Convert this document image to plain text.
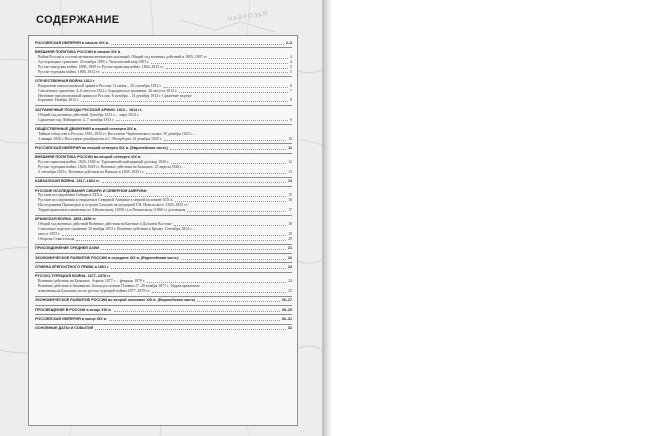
НАВРОЗЬЯ
СОДЕРЖАНИЕ
РОССИЙСКАЯ ИМПЕРИЯ в начале XIX в.	2–3
ВНЕШНЯЯ ПОЛИТИКА РОССИИ в начале XIX в.
Война России в составе антинаполеоновских коалиций. Общий ход военных действий в 1805–1807 гг.	4
Аустерлицкое сражение. 20 ноября 1805 г. Тильзитский мир 1807 г.	4
Русско-шведская война. 1808–1809 гг. Русско-иранская война. 1804–1813 гг.	5
Русско-турецкая война. 1806–1812 гг.	5
ОТЕЧЕСТВЕННАЯ ВОЙНА 1812 г.
Вторжение наполеоновской армии в Россию 12 июня – 20 сентября 1812 г.	6
Смоленское сражение. 4–6 августа 1812 г. Бородинское сражение. 26 августа 1812 г.	7
Изгнание наполеоновской армии из России. 6 октября – 14 декабря 1812 г. Сражение на реке
Березине. Ноябрь 1812 г.	8
ЗАГРАНИЧНЫЕ ПОХОДЫ РУССКОЙ АРМИИ. 1813 – 1814 гг.
Общий ход военных действий. Декабрь 1812 г. – март 1814 г.
Сражение под Лейпцигом. 4–7 октября 1813 г.	9
ОБЩЕСТВЕННЫЕ ДВИЖЕНИЯ в первой четверти XIX в.
Тайные общества в России. 1816–1825 гг. Восстание Черниговского полка. 29 декабря 1825 г. –
3 января 1826 г. Восстание декабристов в С.-Петербурге 14 декабря 1825 г.	10
РОССИЙСКАЯ ИМПЕРИЯ во второй четверти XIX в. (Европейская часть)	11
ВНЕШНЯЯ ПОЛИТИКА РОССИИ во второй четверти XIX в.
Русско-иранская война. 1826–1828 гг. Туркманчайский мирный договор 1828 г.	12
Русско-турецкая война. 1828–1829 гг. Военные действия на Балканах. 25 апреля 1828 г. –
2 сентября 1829 г. Военные действия на Кавказе в 1828–1829 гг.	13
КАВКАЗСКАЯ ВОЙНА. 1817–1864 гг.	14
РУССКИЕ ИССЛЕДОВАНИЯ СИБИРИ И СЕВЕРНОЙ АМЕРИКИ
Русские исследования Сибири в XIX в.	15
Русские исследования и открытия в Северной Америке в первой половине XIX в.	16
Исследования Приамурья и острова Сахалин экспедицией Г.И. Невельского. 1849–1855 гг.
Территориальные изменения по Айгуньскому (1858 г.) и Пекинскому (1860 г.) договорам	17
КРЫМСКАЯ ВОЙНА. 1853–1856 гг.
Общий ход военных действий Военные действия на Балтике и Дальнем Востоке	18
Синопское морское сражение 18 ноября 1853 г. Военные действия в Крыму. Сентябрь 1854 г. –
август 1855 г.	19
Оборона Севастополя	20
ПРИСОЕДИНЕНИЕ СРЕДНЕЙ АЗИИ	21
ЭКОНОМИЧЕСКОЕ РАЗВИТИЕ РОССИИ в середине XIX в. (Европейская часть)	22
ОТМЕНА КРЕПОСТНОГО ПРАВА в 1861 г.	23
РУССКО-ТУРЕЦКАЯ ВОЙНА. 1877–1878 гг.
Военные действия на Балканах. Апрель 1877 г. – февраль 1878 г.	24
Военные действия в Закавказье. Блокада и взятие Плевны 27–28 ноября 1877 г. Территориальные
изменения на Балканах после русско-турецкой войны 1877–1878 гг.	25
ЭКОНОМИЧЕСКОЕ РАЗВИТИЕ РОССИИ во второй половине XIX в. (Европейская часть)	26–27
ПРОСВЕЩЕНИЕ В РОССИИ в конце XIX в.	28–29
РОССИЙСКАЯ ИМПЕРИЯ в конце XIX в.	30–31
ОСНОВНЫЕ ДАТЫ И СОБЫТИЯ	32
